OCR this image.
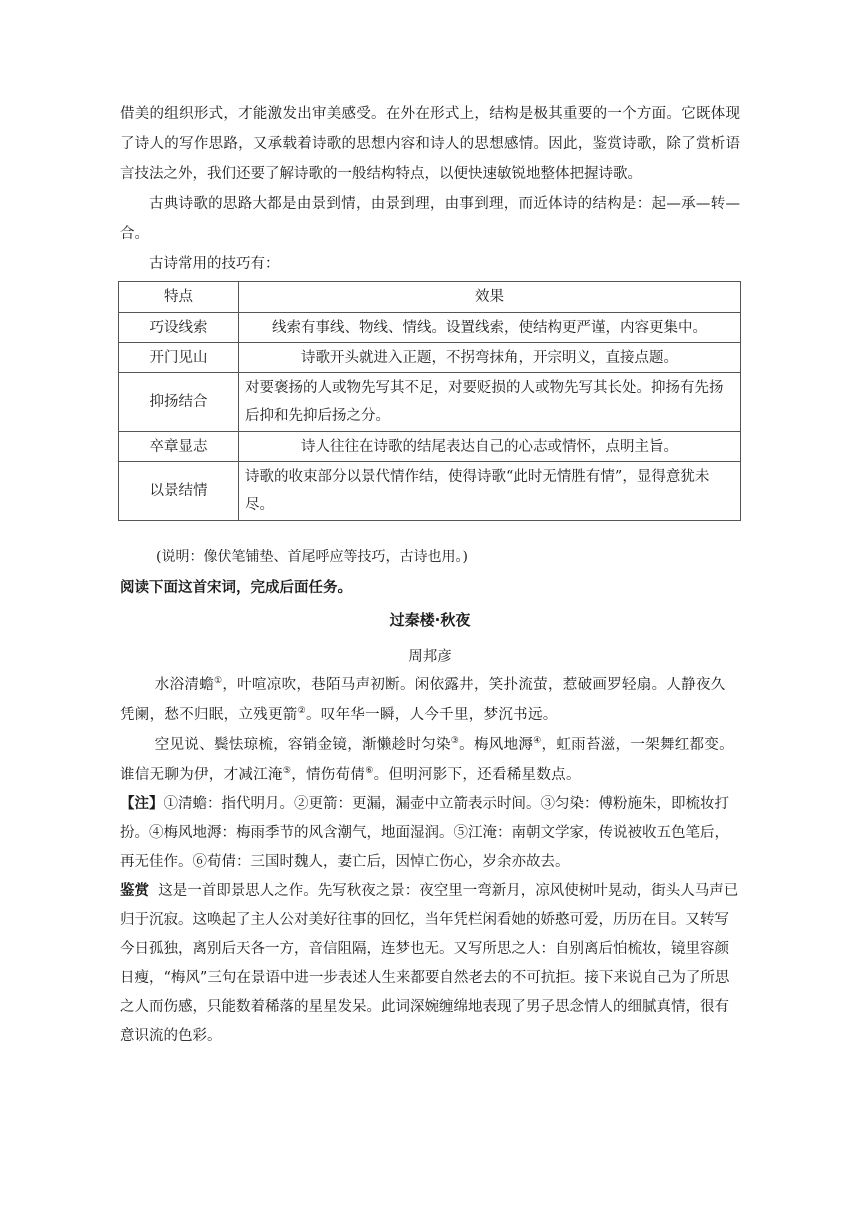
借美的组织形式，才能激发出审美感受。在外在形式上，结构是极其重要的一个方面。它既体现了诗人的写作思路，又承载着诗歌的思想内容和诗人的思想感情。因此，鉴赏诗歌，除了赏析语言技法之外，我们还要了解诗歌的一般结构特点，以便快速敏锐地整体把握诗歌。
古典诗歌的思路大都是由景到情，由景到理，由事到理，而近体诗的结构是：起—承—转—合。
古诗常用的技巧有：
特点	效果
巧设线索	线索有事线、物线、情线。设置线索，使结构更严谨，内容更集中。
开门见山	诗歌开头就进入正题，不拐弯抹角，开宗明义，直接点题。
抑扬结合	对要褒扬的人或物先写其不足，对要贬损的人或物先写其长处。抑扬有先扬后抑和先抑后扬之分。
卒章显志	诗人往往在诗歌的结尾表达自己的心志或情怀，点明主旨。
以景结情	诗歌的收束部分以景代情作结，使得诗歌“此时无情胜有情”，显得意犹未尽。
(说明：像伏笔铺垫、首尾呼应等技巧，古诗也用。)
阅读下面这首宋词，完成后面任务。
过秦楼·秋夜
周邦彦
水浴清蟾①，叶喧凉吹，巷陌马声初断。闲依露井，笑扑流萤，惹破画罗轻扇。人静夜久凭阑，愁不归眠，立残更箭②。叹年华一瞬，人今千里，梦沉书远。
空见说、鬓怯琼梳，容销金镜，渐懒趁时匀染③。梅风地溽④，虹雨苔滋，一架舞红都变。谁信无聊为伊，才减江淹⑤，情伤荀倩⑥。但明河影下，还看稀星数点。
【注】①清蟾：指代明月。②更箭：更漏，漏壶中立箭表示时间。③匀染：傅粉施朱，即梳妆打扮。④梅风地溽：梅雨季节的风含潮气，地面湿润。⑤江淹：南朝文学家，传说被收五色笔后，再无佳作。⑥荀倩：三国时魏人，妻亡后，因悼亡伤心，岁余亦故去。
鉴赏 这是一首即景思人之作。先写秋夜之景：夜空里一弯新月，凉风使树叶晃动，街头人马声已归于沉寂。这唤起了主人公对美好往事的回忆，当年凭栏闲看她的娇憨可爱，历历在目。又转写今日孤独，离别后天各一方，音信阻隔，连梦也无。又写所思之人：自别离后怕梳妆，镜里容颜日瘦，“梅风”三句在景语中进一步表述人生来都要自然老去的不可抗拒。接下来说自己为了所思之人而伤感，只能数着稀落的星星发呆。此词深婉缠绵地表现了男子思念情人的细腻真情，很有意识流的色彩。
